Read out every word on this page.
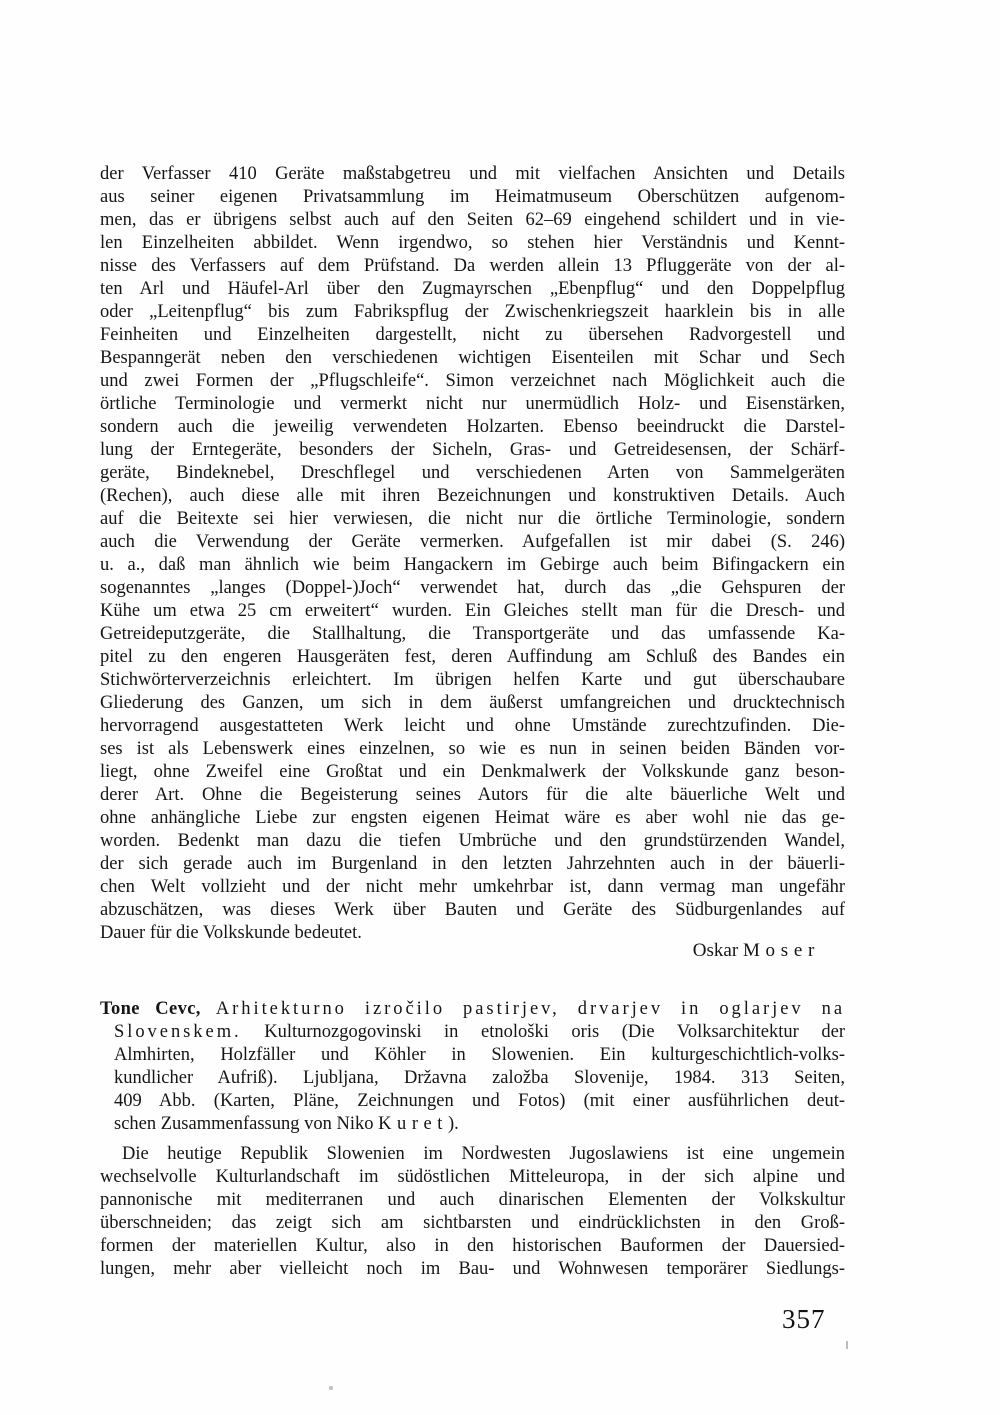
der Verfasser 410 Geräte maßstabgetreu und mit vielfachen Ansichten und Details
aus seiner eigenen Privatsammlung im Heimatmuseum Oberschützen aufgenom-
men, das er übrigens selbst auch auf den Seiten 62–69 eingehend schildert und in vie-
len Einzelheiten abbildet. Wenn irgendwo, so stehen hier Verständnis und Kennt-
nisse des Verfassers auf dem Prüfstand. Da werden allein 13 Pfluggeräte von der al-
ten Arl und Häufel-Arl über den Zugmayrschen „Ebenpflug“ und den Doppelpflug
oder „Leitenpflug“ bis zum Fabrikspflug der Zwischenkriegszeit haarklein bis in alle
Feinheiten und Einzelheiten dargestellt, nicht zu übersehen Radvorgestell und
Bespanngerät neben den verschiedenen wichtigen Eisenteilen mit Schar und Sech
und zwei Formen der „Pflugschleife“. Simon verzeichnet nach Möglichkeit auch die
örtliche Terminologie und vermerkt nicht nur unermüdlich Holz- und Eisenstärken,
sondern auch die jeweilig verwendeten Holzarten. Ebenso beeindruckt die Darstel-
lung der Erntegeräte, besonders der Sicheln, Gras- und Getreidesensen, der Schärf-
geräte, Bindeknebel, Dreschflegel und verschiedenen Arten von Sammelgeräten
(Rechen), auch diese alle mit ihren Bezeichnungen und konstruktiven Details. Auch
auf die Beitexte sei hier verwiesen, die nicht nur die örtliche Terminologie, sondern
auch die Verwendung der Geräte vermerken. Aufgefallen ist mir dabei (S. 246)
u. a., daß man ähnlich wie beim Hangackern im Gebirge auch beim Bifingackern ein
sogenanntes „langes (Doppel-)Joch“ verwendet hat, durch das „die Gehspuren der
Kühe um etwa 25 cm erweitert“ wurden. Ein Gleiches stellt man für die Dresch- und
Getreideputzgeräte, die Stallhaltung, die Transportgeräte und das umfassende Ka-
pitel zu den engeren Hausgeräten fest, deren Auffindung am Schluß des Bandes ein
Stichwörterverzeichnis erleichtert. Im übrigen helfen Karte und gut überschaubare
Gliederung des Ganzen, um sich in dem äußerst umfangreichen und drucktechnisch
hervorragend ausgestatteten Werk leicht und ohne Umstände zurechtzufinden. Die-
ses ist als Lebenswerk eines einzelnen, so wie es nun in seinen beiden Bänden vor-
liegt, ohne Zweifel eine Großtat und ein Denkmalwerk der Volkskunde ganz beson-
derer Art. Ohne die Begeisterung seines Autors für die alte bäuerliche Welt und
ohne anhängliche Liebe zur engsten eigenen Heimat wäre es aber wohl nie das ge-
worden. Bedenkt man dazu die tiefen Umbrüche und den grundstürzenden Wandel,
der sich gerade auch im Burgenland in den letzten Jahrzehnten auch in der bäuerli-
chen Welt vollzieht und der nicht mehr umkehrbar ist, dann vermag man ungefähr
abzuschätzen, was dieses Werk über Bauten und Geräte des Südburgenlandes auf
Dauer für die Volkskunde bedeutet.
Oskar Moser
Tone Cevc, Arhitekturno izročilo pastirjev, drvarjev in oglarjev na
Slovenskem. Kulturnozgogovinski in etnološki oris (Die Volksarchitektur der
Almhirten, Holzfäller und Köhler in Slowenien. Ein kulturgeschichtlich-volks-
kundlicher Aufriß). Ljubljana, Državna založba Slovenije, 1984. 313 Seiten,
409 Abb. (Karten, Pläne, Zeichnungen und Fotos) (mit einer ausführlichen deut-
schen Zusammenfassung von Niko Kuret).
Die heutige Republik Slowenien im Nordwesten Jugoslawiens ist eine ungemein
wechselvolle Kulturlandschaft im südöstlichen Mitteleuropa, in der sich alpine und
pannonische mit mediterranen und auch dinarischen Elementen der Volkskultur
überschneiden; das zeigt sich am sichtbarsten und eindrücklichsten in den Groß-
formen der materiellen Kultur, also in den historischen Bauformen der Dauersied-
lungen, mehr aber vielleicht noch im Bau- und Wohnwesen temporärer Siedlungs-
357
